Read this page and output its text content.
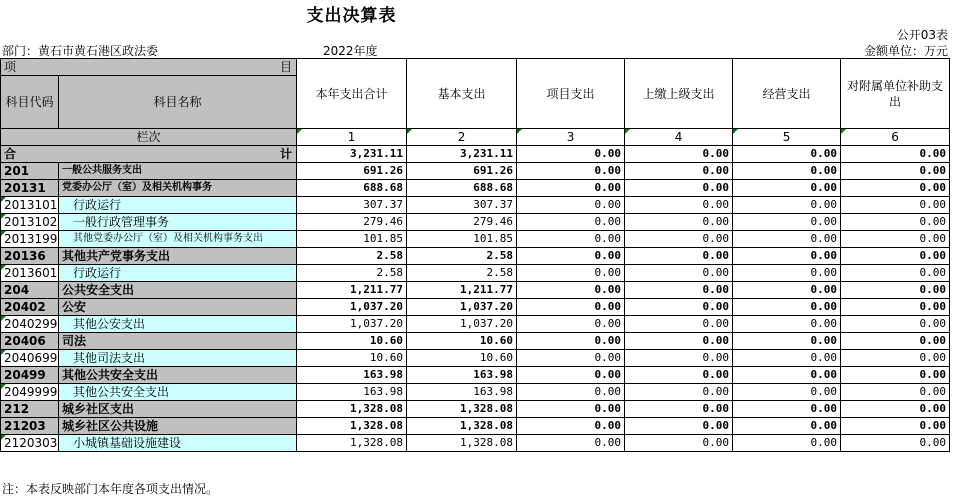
支出决算表
公开03表
部门：黄石市黄石港区政法委	2022年度	金额单位：万元
项 目		本年支出合计	基本支出	项目支出	上缴上级支出	经营支出	对附属单位补助支出
科目代码	科目名称						
栏次		1	2	3	4	5	6
合 计		3,231.11	3,231.11	0.00	0.00	0.00	0.00
201	一般公共服务支出	691.26	691.26	0.00	0.00	0.00	0.00
20131	党委办公厅（室）及相关机构事务	688.68	688.68	0.00	0.00	0.00	0.00
2013101	行政运行	307.37	307.37	0.00	0.00	0.00	0.00
2013102	一般行政管理事务	279.46	279.46	0.00	0.00	0.00	0.00
2013199	其他党委办公厅（室）及相关机构事务支出	101.85	101.85	0.00	0.00	0.00	0.00
20136	其他共产党事务支出	2.58	2.58	0.00	0.00	0.00	0.00
2013601	行政运行	2.58	2.58	0.00	0.00	0.00	0.00
204	公共安全支出	1,211.77	1,211.77	0.00	0.00	0.00	0.00
20402	公安	1,037.20	1,037.20	0.00	0.00	0.00	0.00
2040299	其他公安支出	1,037.20	1,037.20	0.00	0.00	0.00	0.00
20406	司法	10.60	10.60	0.00	0.00	0.00	0.00
2040699	其他司法支出	10.60	10.60	0.00	0.00	0.00	0.00
20499	其他公共安全支出	163.98	163.98	0.00	0.00	0.00	0.00
2049999	其他公共安全支出	163.98	163.98	0.00	0.00	0.00	0.00
212	城乡社区支出	1,328.08	1,328.08	0.00	0.00	0.00	0.00
21203	城乡社区公共设施	1,328.08	1,328.08	0.00	0.00	0.00	0.00
2120303	小城镇基础设施建设	1,328.08	1,328.08	0.00	0.00	0.00	0.00
注：本表反映部门本年度各项支出情况。
